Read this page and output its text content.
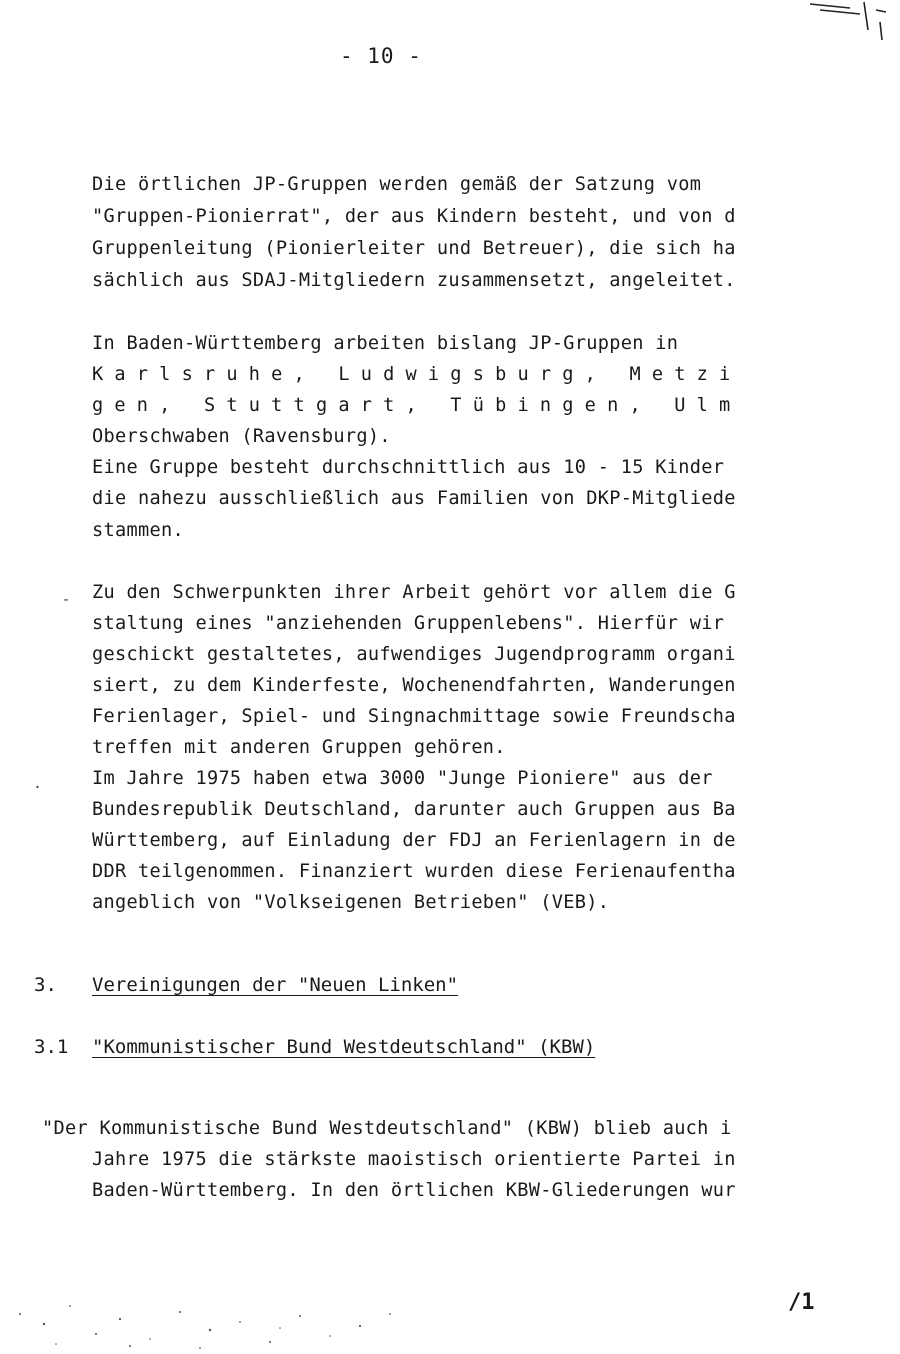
- 10 -
Die örtlichen JP-Gruppen werden gemäß der Satzung vom
"Gruppen-Pionierrat", der aus Kindern besteht, und von d
Gruppenleitung (Pionierleiter und Betreuer), die sich ha
sächlich aus SDAJ-Mitgliedern zusammensetzt, angeleitet.
In Baden-Württemberg arbeiten bislang JP-Gruppen in
Karlsruhe, Ludwigsburg, Metzi
gen, Stuttgart, Tübingen, Ulm
Oberschwaben (Ravensburg).
Eine Gruppe besteht durchschnittlich aus 10 - 15 Kinder
die nahezu ausschließlich aus Familien von DKP-Mitgliede
stammen.
Zu den Schwerpunkten ihrer Arbeit gehört vor allem die G
staltung eines "anziehenden Gruppenlebens". Hierfür wir
geschickt gestaltetes, aufwendiges Jugendprogramm organi
siert, zu dem Kinderfeste, Wochenendfahrten, Wanderungen
Ferienlager, Spiel- und Singnachmittage sowie Freundscha
treffen mit anderen Gruppen gehören.
Im Jahre 1975 haben etwa 3000 "Junge Pioniere" aus der
Bundesrepublik Deutschland, darunter auch Gruppen aus Ba
Württemberg, auf Einladung der FDJ an Ferienlagern in de
DDR teilgenommen. Finanziert wurden diese Ferienaufentha
angeblich von "Volkseigenen Betrieben" (VEB).
3. Vereinigungen der "Neuen Linken"
3.1 "Kommunistischer Bund Westdeutschland" (KBW)
"Der Kommunistische Bund Westdeutschland" (KBW) blieb auch i
Jahre 1975 die stärkste maoistisch orientierte Partei in
Baden-Württemberg. In den örtlichen KBW-Gliederungen wur
-
.
/1
